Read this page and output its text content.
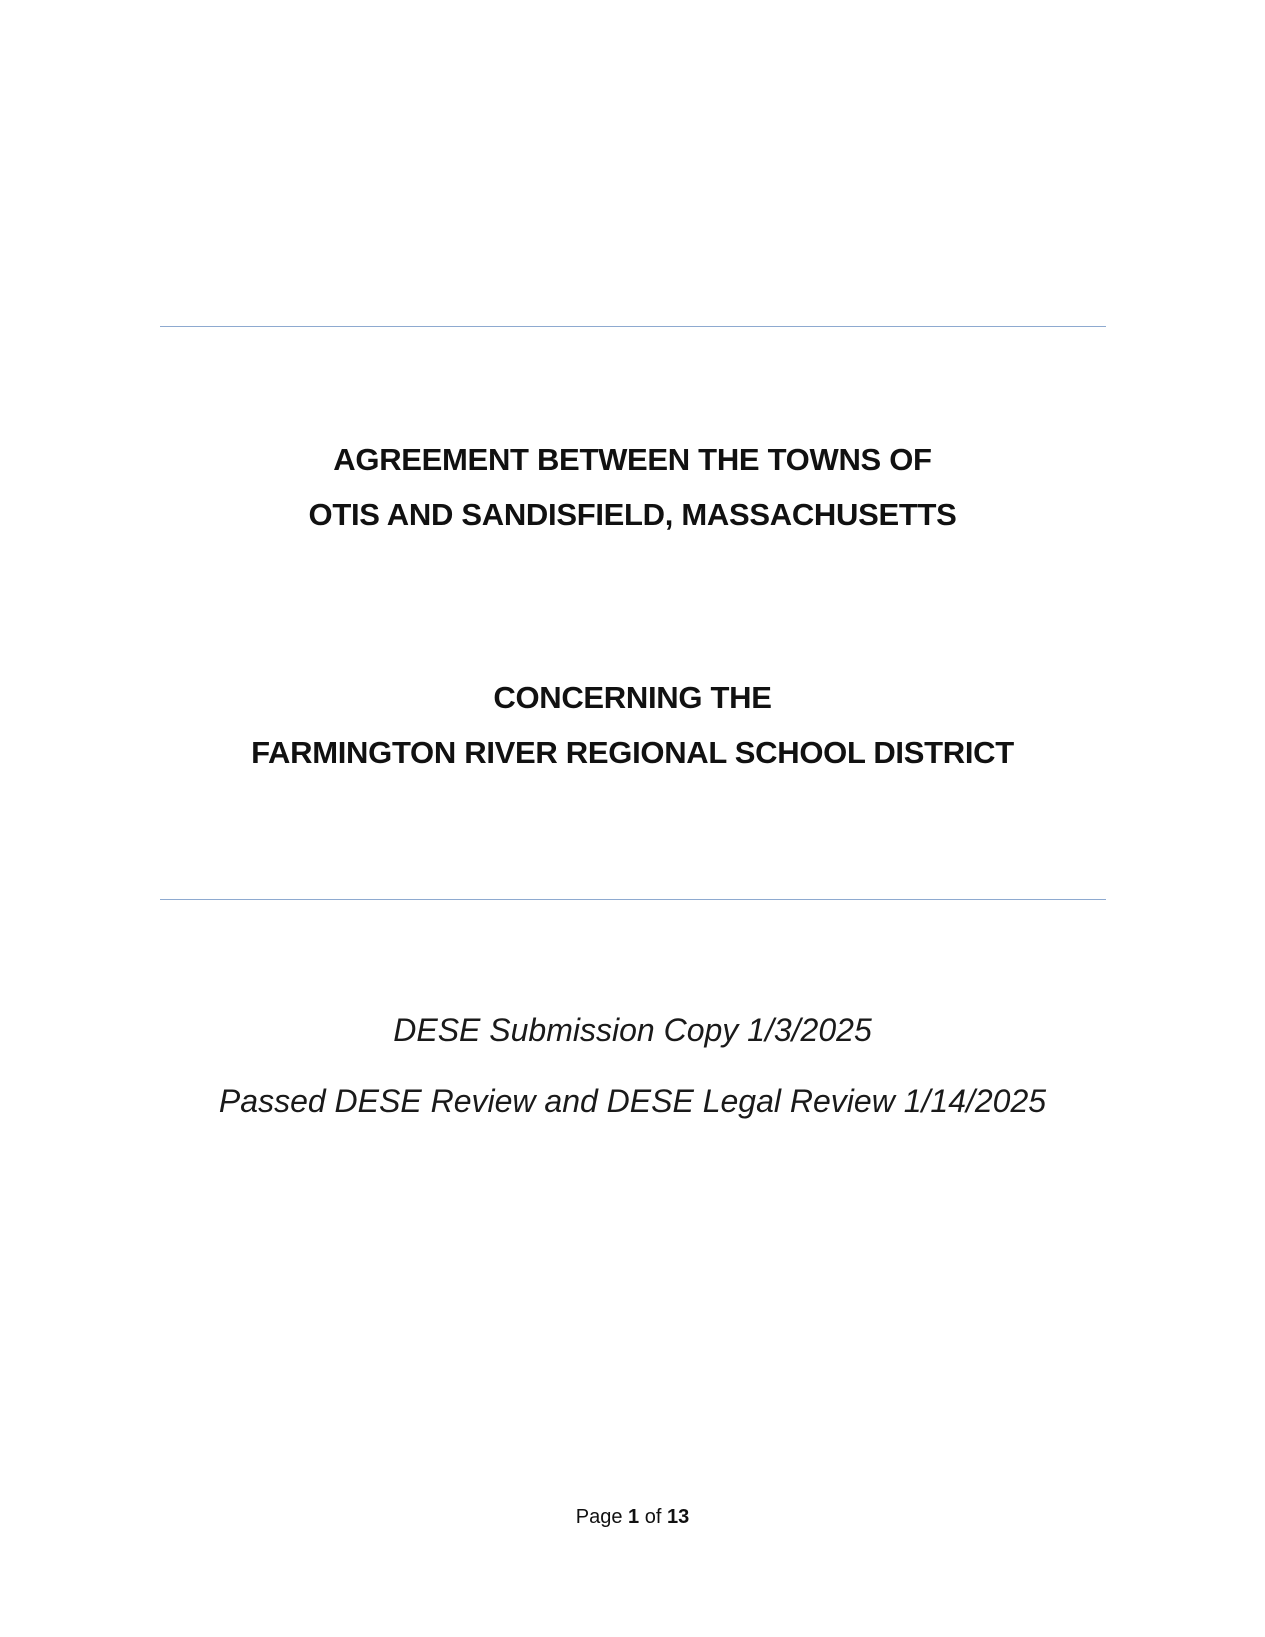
AGREEMENT BETWEEN THE TOWNS OF
OTIS AND SANDISFIELD, MASSACHUSETTS
CONCERNING THE
FARMINGTON RIVER REGIONAL SCHOOL DISTRICT
DESE Submission Copy 1/3/2025
Passed DESE Review and DESE Legal Review 1/14/2025
Page 1 of 13
